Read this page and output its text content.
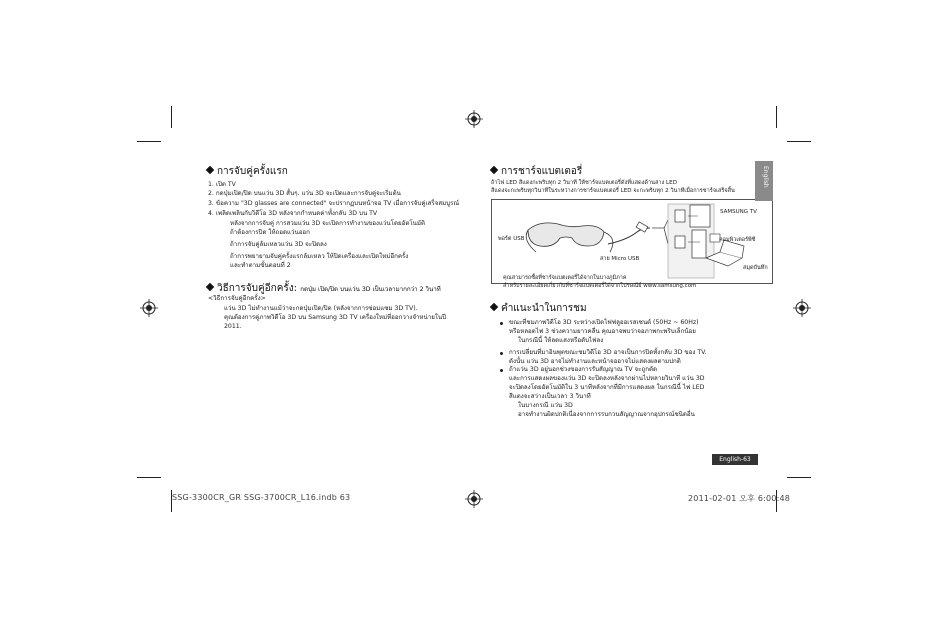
การจับคู่ครั้งแรก
1. เปิด TV
2. กดปุ่มเปิด/ปิด บนแว่น 3D สั้นๆ. แว่น 3D จะเปิดและการจับคู่จะเริ่มต้น
3. ข้อความ "3D glasses are connected" จะปรากฏบนหน้าจอ TV เมื่อการจับคู่เสร็จสมบูรณ์
4. เพลิดเพลินกับวิดีโอ 3D หลังจากกำหนดค่าทั้งกลับ 3D บน TV
หลังจากการจับคู่ การสวมแว่น 3D จะเปิดการทำงานของแว่นโดยอัตโนมัติ
ถ้าต้องการปิด ให้ถอดแว่นออก
ถ้าการจับคู่ล้มเหลวแว่น 3D จะปิดลง
ถ้าการพยายามจับคู่ครั้งแรกล้มเหลว ให้ปิดเครื่องและเปิดใหม่อีกครั้ง
และทำตามขั้นตอนที่ 2
วิธีการจับคู่อีกครั้ง: กดปุ่ม เปิด/ปิด บนแว่น 3D เป็นเวลามากกว่า 2 วินาที
<วิธีการจับคู่อีกครั้ง>
แว่น 3D ไม่ทำงานแม้ว่าจะกดปุ่มเปิด/ปิด (หลังจากการซ่อมแซม 3D TV).
คุณต้องการคู่ภาพวิดีโอ 3D บน Samsung 3D TV เครื่องใหม่ที่ออกวางจำหน่ายในปี
2011.
การชาร์จแบตเตอรี่
ถ้าไฟ LED สีแดงกะพริบทุก 2 วินาที ให้ชาร์จแบตเตอรี่ดังที่แสดงด้านล่าง LED
สีแดงจะกะพริบทุกวินาทีในระหว่างการชาร์จแบตเตอรี่ LED จะกะพริบทุก 2 วินาทีเมื่อการชาร์จเสร็จสิ้น
SAMSUNG TV
คอมพิวเตอร์พีซี
พอร์ต USB
สาย Micro USB
สมุดบันทึก
คุณสามารถซื้อที่ชาร์จแบตเตอรี่ได้จากในบางภูมิภาค
สำหรับรายละเอียดเกี่ยวกับที่ชาร์จแบตเตอรี่ได้จากไปรษณีย์ www.samsung.com
คำแนะนำในการชม
ขณะที่ชมภาพวิดีโอ 3D ระหว่างเปิดไฟฟลูออเรสเซนต์ (50Hz ~ 60Hz)
หรือหลอดไฟ 3 ช่วงความยาวคลื่น คุณอาจพบว่าจอภาพกะพริบเล็กน้อย
ในกรณีนี้ ให้ลดแสงหรือดับไฟลง
การเปลี่ยนที่มาอินพุตขณะชมวิดีโอ 3D อาจเป็นการปิดทั้งกลับ 3D ของ TV.
ดังนั้น แว่น 3D อาจไม่ทำงานและหน้าจออาจไม่แสดงผลตามปกติ
ถ้าแว่น 3D อยู่นอกช่วงของการรับสัญญาณ TV จะถูกตัด
และการแสดงผลของแว่น 3D จะปิดลงหลังจากผ่านไปหลายวินาที แว่น 3D
จะปิดลงโดยอัตโนมัติใน 3 นาทีหลังจากที่มีการแสดงผล ในกรณีนี้ ไฟ LED
สีแดงจะสว่างเป็นเวลา 3 วินาที
ในบางกรณี แว่น 3D
อาจทำงานผิดปกติเนื่องจากการรบกวนสัญญาณจากอุปกรณ์ชนิดอื่น
English
English-63
SSG-3300CR_GR SSG-3700CR_L16.indb 63	2011-02-01 오후 6:00:48
